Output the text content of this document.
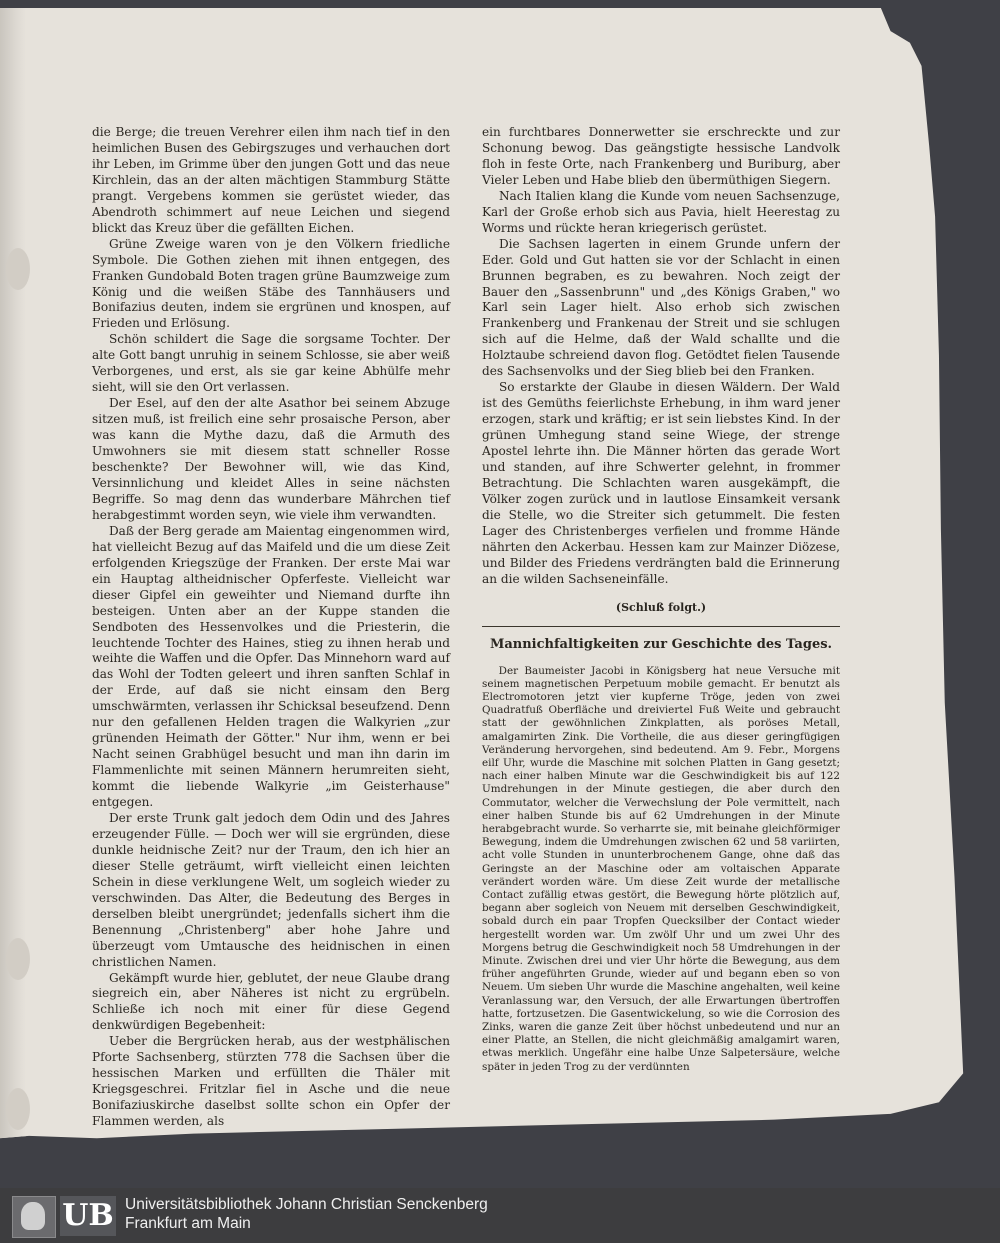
die Berge; die treuen Verehrer eilen ihm nach tief in den heimlichen Busen des Gebirgszuges und verhauchen dort ihr Leben, im Grimme über den jungen Gott und das neue Kirchlein, das an der alten mächtigen Stammburg Stätte prangt. Vergebens kommen sie gerüstet wieder, das Abendroth schimmert auf neue Leichen und siegend blickt das Kreuz über die gefällten Eichen.

Grüne Zweige waren von je den Völkern friedliche Symbole. Die Gothen ziehen mit ihnen entgegen, des Franken Gundobald Boten tragen grüne Baumzweige zum König und die weißen Stäbe des Tannhäusers und Bonifazius deuten, indem sie ergrünen und knospen, auf Frieden und Erlösung.

Schön schildert die Sage die sorgsame Tochter. Der alte Gott bangt unruhig in seinem Schlosse, sie aber weiß Verborgenes, und erst, als sie gar keine Abhülfe mehr sieht, will sie den Ort verlassen.

Der Esel, auf den der alte Asathor bei seinem Abzuge sitzen muß, ist freilich eine sehr prosaische Person, aber was kann die Mythe dazu, daß die Armuth des Umwohners sie mit diesem statt schneller Rosse beschenkte? Der Bewohner will, wie das Kind, Versinnlichung und kleidet Alles in seine nächsten Begriffe. So mag denn das wunderbare Mährchen tief herabgestimmt worden seyn, wie viele ihm verwandten.

Daß der Berg gerade am Maientag eingenommen wird, hat vielleicht Bezug auf das Maifeld und die um diese Zeit erfolgenden Kriegszüge der Franken. Der erste Mai war ein Hauptag altheidnischer Opferfeste. Vielleicht war dieser Gipfel ein geweihter und Niemand durfte ihn besteigen. Unten aber an der Kuppe standen die Sendboten des Hessenvolkes und die Priesterin, die leuchtende Tochter des Haines, stieg zu ihnen herab und weihte die Waffen und die Opfer. Das Minnehorn ward auf das Wohl der Todten geleert und ihren sanften Schlaf in der Erde, auf daß sie nicht einsam den Berg umschwärmten, verlassen ihr Schicksal beseufzend. Denn nur den gefallenen Helden tragen die Walkyrien „zur grünenden Heimath der Götter." Nur ihm, wenn er bei Nacht seinen Grabhügel besucht und man ihn darin im Flammenlichte mit seinen Männern herumreiten sieht, kommt die liebende Walkyrie „im Geisterhause" entgegen.

Der erste Trunk galt jedoch dem Odin und des Jahres erzeugender Fülle. — Doch wer will sie ergründen, diese dunkle heidnische Zeit? nur der Traum, den ich hier an dieser Stelle geträumt, wirft vielleicht einen leichten Schein in diese verklungene Welt, um sogleich wieder zu verschwinden. Das Alter, die Bedeutung des Berges in derselben bleibt unergründet; jedenfalls sichert ihm die Benennung „Christenberg" aber hohe Jahre und überzeugt vom Umtausche des heidnischen in einen christlichen Namen.

Gekämpft wurde hier, geblutet, der neue Glaube drang siegreich ein, aber Näheres ist nicht zu ergrübeln. Schließe ich noch mit einer für diese Gegend denkwürdigen Begebenheit:

Ueber die Bergrücken herab, aus der westphälischen Pforte Sachsenberg, stürzten 778 die Sachsen über die hessischen Marken und erfüllten die Thäler mit Kriegsgeschrei. Fritzlar fiel in Asche und die neue Bonifaziuskirche daselbst sollte schon ein Opfer der Flammen werden, als

ein furchtbares Donnerwetter sie erschreckte und zur Schonung bewog. Das geängstigte hessische Landvolk floh in feste Orte, nach Frankenberg und Buriburg, aber Vieler Leben und Habe blieb den übermüthigen Siegern.

Nach Italien klang die Kunde vom neuen Sachsenzuge, Karl der Große erhob sich aus Pavia, hielt Heerestag zu Worms und rückte heran kriegerisch gerüstet.

Die Sachsen lagerten in einem Grunde unfern der Eder. Gold und Gut hatten sie vor der Schlacht in einen Brunnen begraben, es zu bewahren. Noch zeigt der Bauer den „Sassenbrunn" und „des Königs Graben," wo Karl sein Lager hielt. Also erhob sich zwischen Frankenberg und Frankenau der Streit und sie schlugen sich auf die Helme, daß der Wald schallte und die Holztaube schreiend davon flog. Getödtet fielen Tausende des Sachsenvolks und der Sieg blieb bei den Franken.

So erstarkte der Glaube in diesen Wäldern. Der Wald ist des Gemüths feierlichste Erhebung, in ihm ward jener erzogen, stark und kräftig; er ist sein liebstes Kind. In der grünen Umhegung stand seine Wiege, der strenge Apostel lehrte ihn. Die Männer hörten das gerade Wort und standen, auf ihre Schwerter gelehnt, in frommer Betrachtung. Die Schlachten waren ausgekämpft, die Völker zogen zurück und in lautlose Einsamkeit versank die Stelle, wo die Streiter sich getummelt. Die festen Lager des Christenberges verfielen und fromme Hände nährten den Ackerbau. Hessen kam zur Mainzer Diözese, und Bilder des Friedens verdrängten bald die Erinnerung an die wilden Sachseneinfälle.

(Schluß folgt.)
Mannichfaltigkeiten zur Geschichte des Tages.

Der Baumeister Jacobi in Königsberg hat neue Versuche mit seinem magnetischen Perpetuum mobile gemacht. Er benutzt als Electromotoren jetzt vier kupferne Tröge, jeden von zwei Quadratfuß Oberfläche und dreiviertel Fuß Weite und gebraucht statt der gewöhnlichen Zinkplatten, als poröses Metall, amalgamirten Zink. Die Vortheile, die aus dieser geringfügigen Veränderung hervorgehen, sind bedeutend. Am 9. Febr., Morgens eilf Uhr, wurde die Maschine mit solchen Platten in Gang gesetzt; nach einer halben Minute war die Geschwindigkeit bis auf 122 Umdrehungen in der Minute gestiegen, die aber durch den Commutator, welcher die Verwechslung der Pole vermittelt, nach einer halben Stunde bis auf 62 Umdrehungen in der Minute herabgebracht wurde. So verharrte sie, mit beinahe gleichförmiger Bewegung, indem die Umdrehungen zwischen 62 und 58 variirten, acht volle Stunden in ununterbrochenem Gange, ohne daß das Geringste an der Maschine oder am voltaischen Apparate verändert worden wäre. Um diese Zeit wurde der metallische Contact zufällig etwas gestört, die Bewegung hörte plötzlich auf, begann aber sogleich von Neuem mit derselben Geschwindigkeit, sobald durch ein paar Tropfen Quecksilber der Contact wieder hergestellt worden war. Um zwölf Uhr und um zwei Uhr des Morgens betrug die Geschwindigkeit noch 58 Umdrehungen in der Minute. Zwischen drei und vier Uhr hörte die Bewegung, aus dem früher angeführten Grunde, wieder auf und begann eben so von Neuem. Um sieben Uhr wurde die Maschine angehalten, weil keine Veranlassung war, den Versuch, der alle Erwartungen übertroffen hatte, fortzusetzen. Die Gasentwickelung, so wie die Corrosion des Zinks, waren die ganze Zeit über höchst unbedeutend und nur an einer Platte, an Stellen, die nicht gleichmäßig amalgamirt waren, etwas merklich. Ungefähr eine halbe Unze Salpetersäure, welche später in jeden Trog zu der verdünnten

UB Universitätsbibliothek Johann Christian Senckenberg
Frankfurt am Main
